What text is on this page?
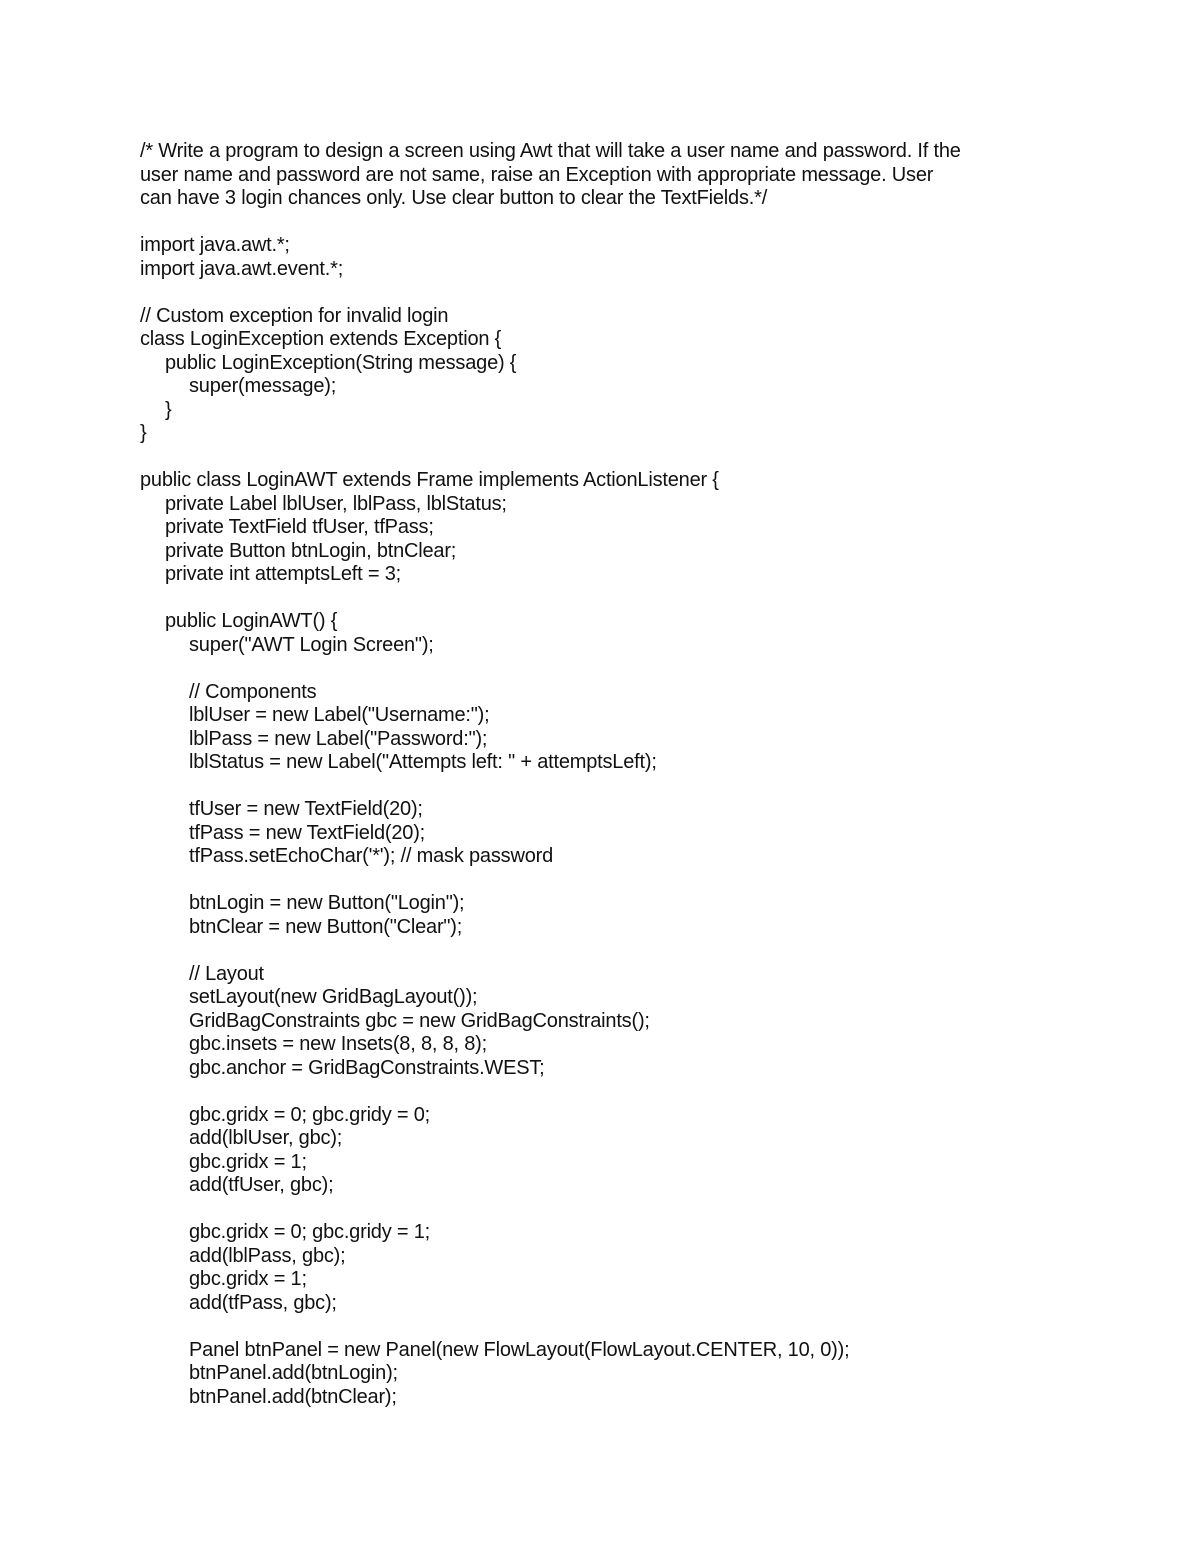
/* Write a program to design a screen using Awt that will take a user name and password. If the
user name and password are not same, raise an Exception with appropriate message. User
can have 3 login chances only. Use clear button to clear the TextFields.*/
import java.awt.*;
import java.awt.event.*;
// Custom exception for invalid login
class LoginException extends Exception {
public LoginException(String message) {
super(message);
}
}
public class LoginAWT extends Frame implements ActionListener {
private Label lblUser, lblPass, lblStatus;
private TextField tfUser, tfPass;
private Button btnLogin, btnClear;
private int attemptsLeft = 3;
public LoginAWT() {
super("AWT Login Screen");
// Components
lblUser = new Label("Username:");
lblPass = new Label("Password:");
lblStatus = new Label("Attempts left: " + attemptsLeft);
tfUser = new TextField(20);
tfPass = new TextField(20);
tfPass.setEchoChar('*'); // mask password
btnLogin = new Button("Login");
btnClear = new Button("Clear");
// Layout
setLayout(new GridBagLayout());
GridBagConstraints gbc = new GridBagConstraints();
gbc.insets = new Insets(8, 8, 8, 8);
gbc.anchor = GridBagConstraints.WEST;
gbc.gridx = 0; gbc.gridy = 0;
add(lblUser, gbc);
gbc.gridx = 1;
add(tfUser, gbc);
gbc.gridx = 0; gbc.gridy = 1;
add(lblPass, gbc);
gbc.gridx = 1;
add(tfPass, gbc);
Panel btnPanel = new Panel(new FlowLayout(FlowLayout.CENTER, 10, 0));
btnPanel.add(btnLogin);
btnPanel.add(btnClear);
